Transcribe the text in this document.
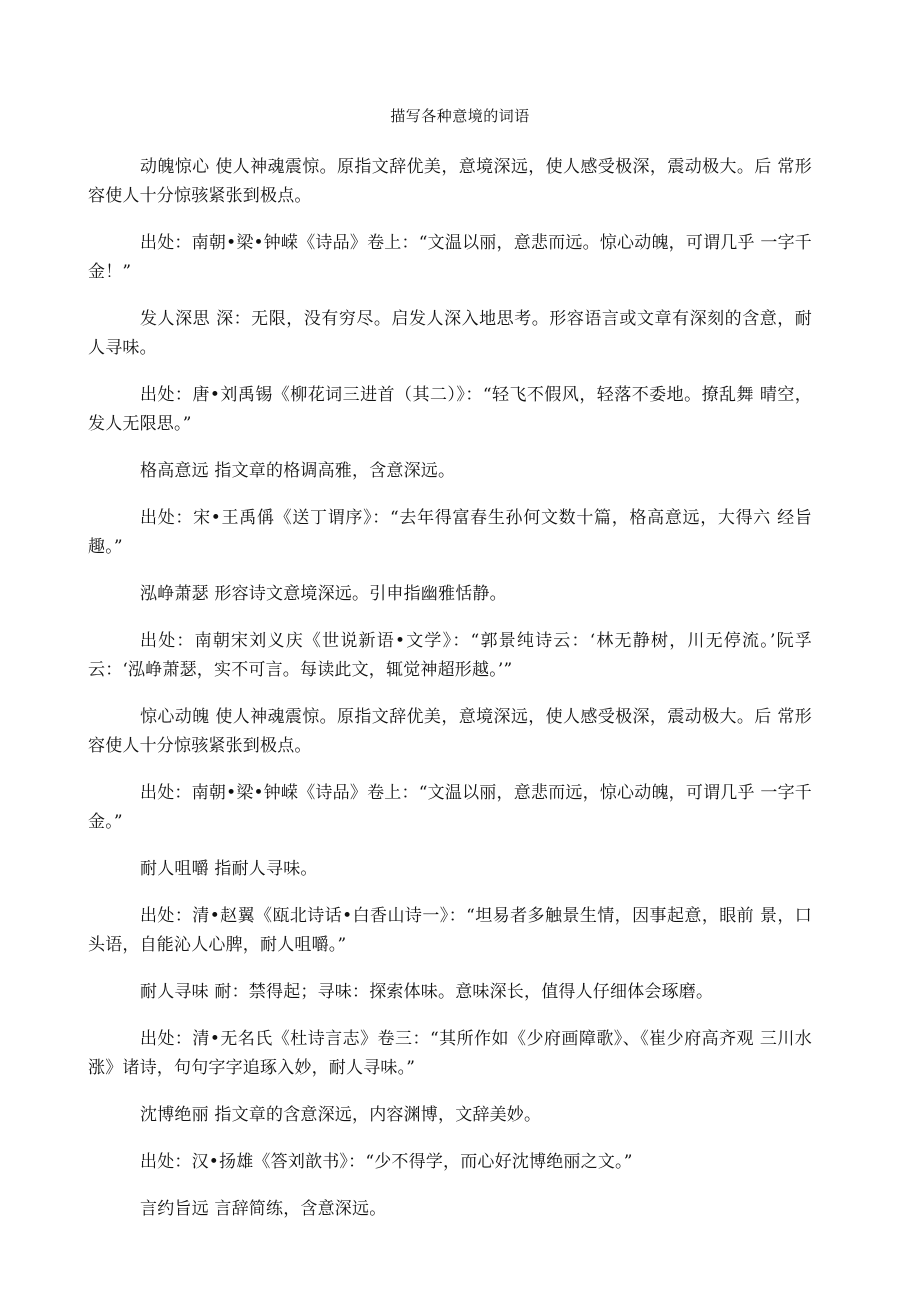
描写各种意境的词语

动魄惊心 使人神魂震惊。原指文辞优美，意境深远，使人感受极深，震动极大。后 常形容使人十分惊骇紧张到极点。

出处：南朝•梁•钟嵘《诗品》卷上：“文温以丽，意悲而远。惊心动魄，可谓几乎 一字千金！”

发人深思 深：无限，没有穷尽。启发人深入地思考。形容语言或文章有深刻的含意，耐人寻味。

出处：唐•刘禹锡《柳花词三进首（其二）》：“轻飞不假风，轻落不委地。撩乱舞 晴空，发人无限思。”

格高意远 指文章的格调高雅，含意深远。

出处：宋•王禹偁《送丁谓序》：“去年得富春生孙何文数十篇，格高意远，大得六 经旨趣。”

泓峥萧瑟 形容诗文意境深远。引申指幽雅恬静。

出处：南朝宋刘义庆《世说新语•文学》：“郭景纯诗云：‘林无静树，川无停流。’阮孚云：‘泓峥萧瑟，实不可言。每读此文，辄觉神超形越。’”

惊心动魄 使人神魂震惊。原指文辞优美，意境深远，使人感受极深，震动极大。后 常形容使人十分惊骇紧张到极点。

出处：南朝•梁•钟嵘《诗品》卷上：“文温以丽，意悲而远，惊心动魄，可谓几乎 一字千金。”

耐人咀嚼 指耐人寻味。

出处：清•赵翼《瓯北诗话•白香山诗一》：“坦易者多触景生情，因事起意，眼前 景，口头语，自能沁人心脾，耐人咀嚼。”

耐人寻味 耐：禁得起；寻味：探索体味。意味深长，值得人仔细体会琢磨。

出处：清•无名氏《杜诗言志》卷三：“其所作如《少府画障歌》、《崔少府高齐观 三川水涨》诸诗，句句字字追琢入妙，耐人寻味。”

沈博绝丽 指文章的含意深远，内容渊博，文辞美妙。

出处：汉•扬雄《答刘歆书》：“少不得学，而心好沈博绝丽之文。”

言约旨远 言辞简练，含意深远。
